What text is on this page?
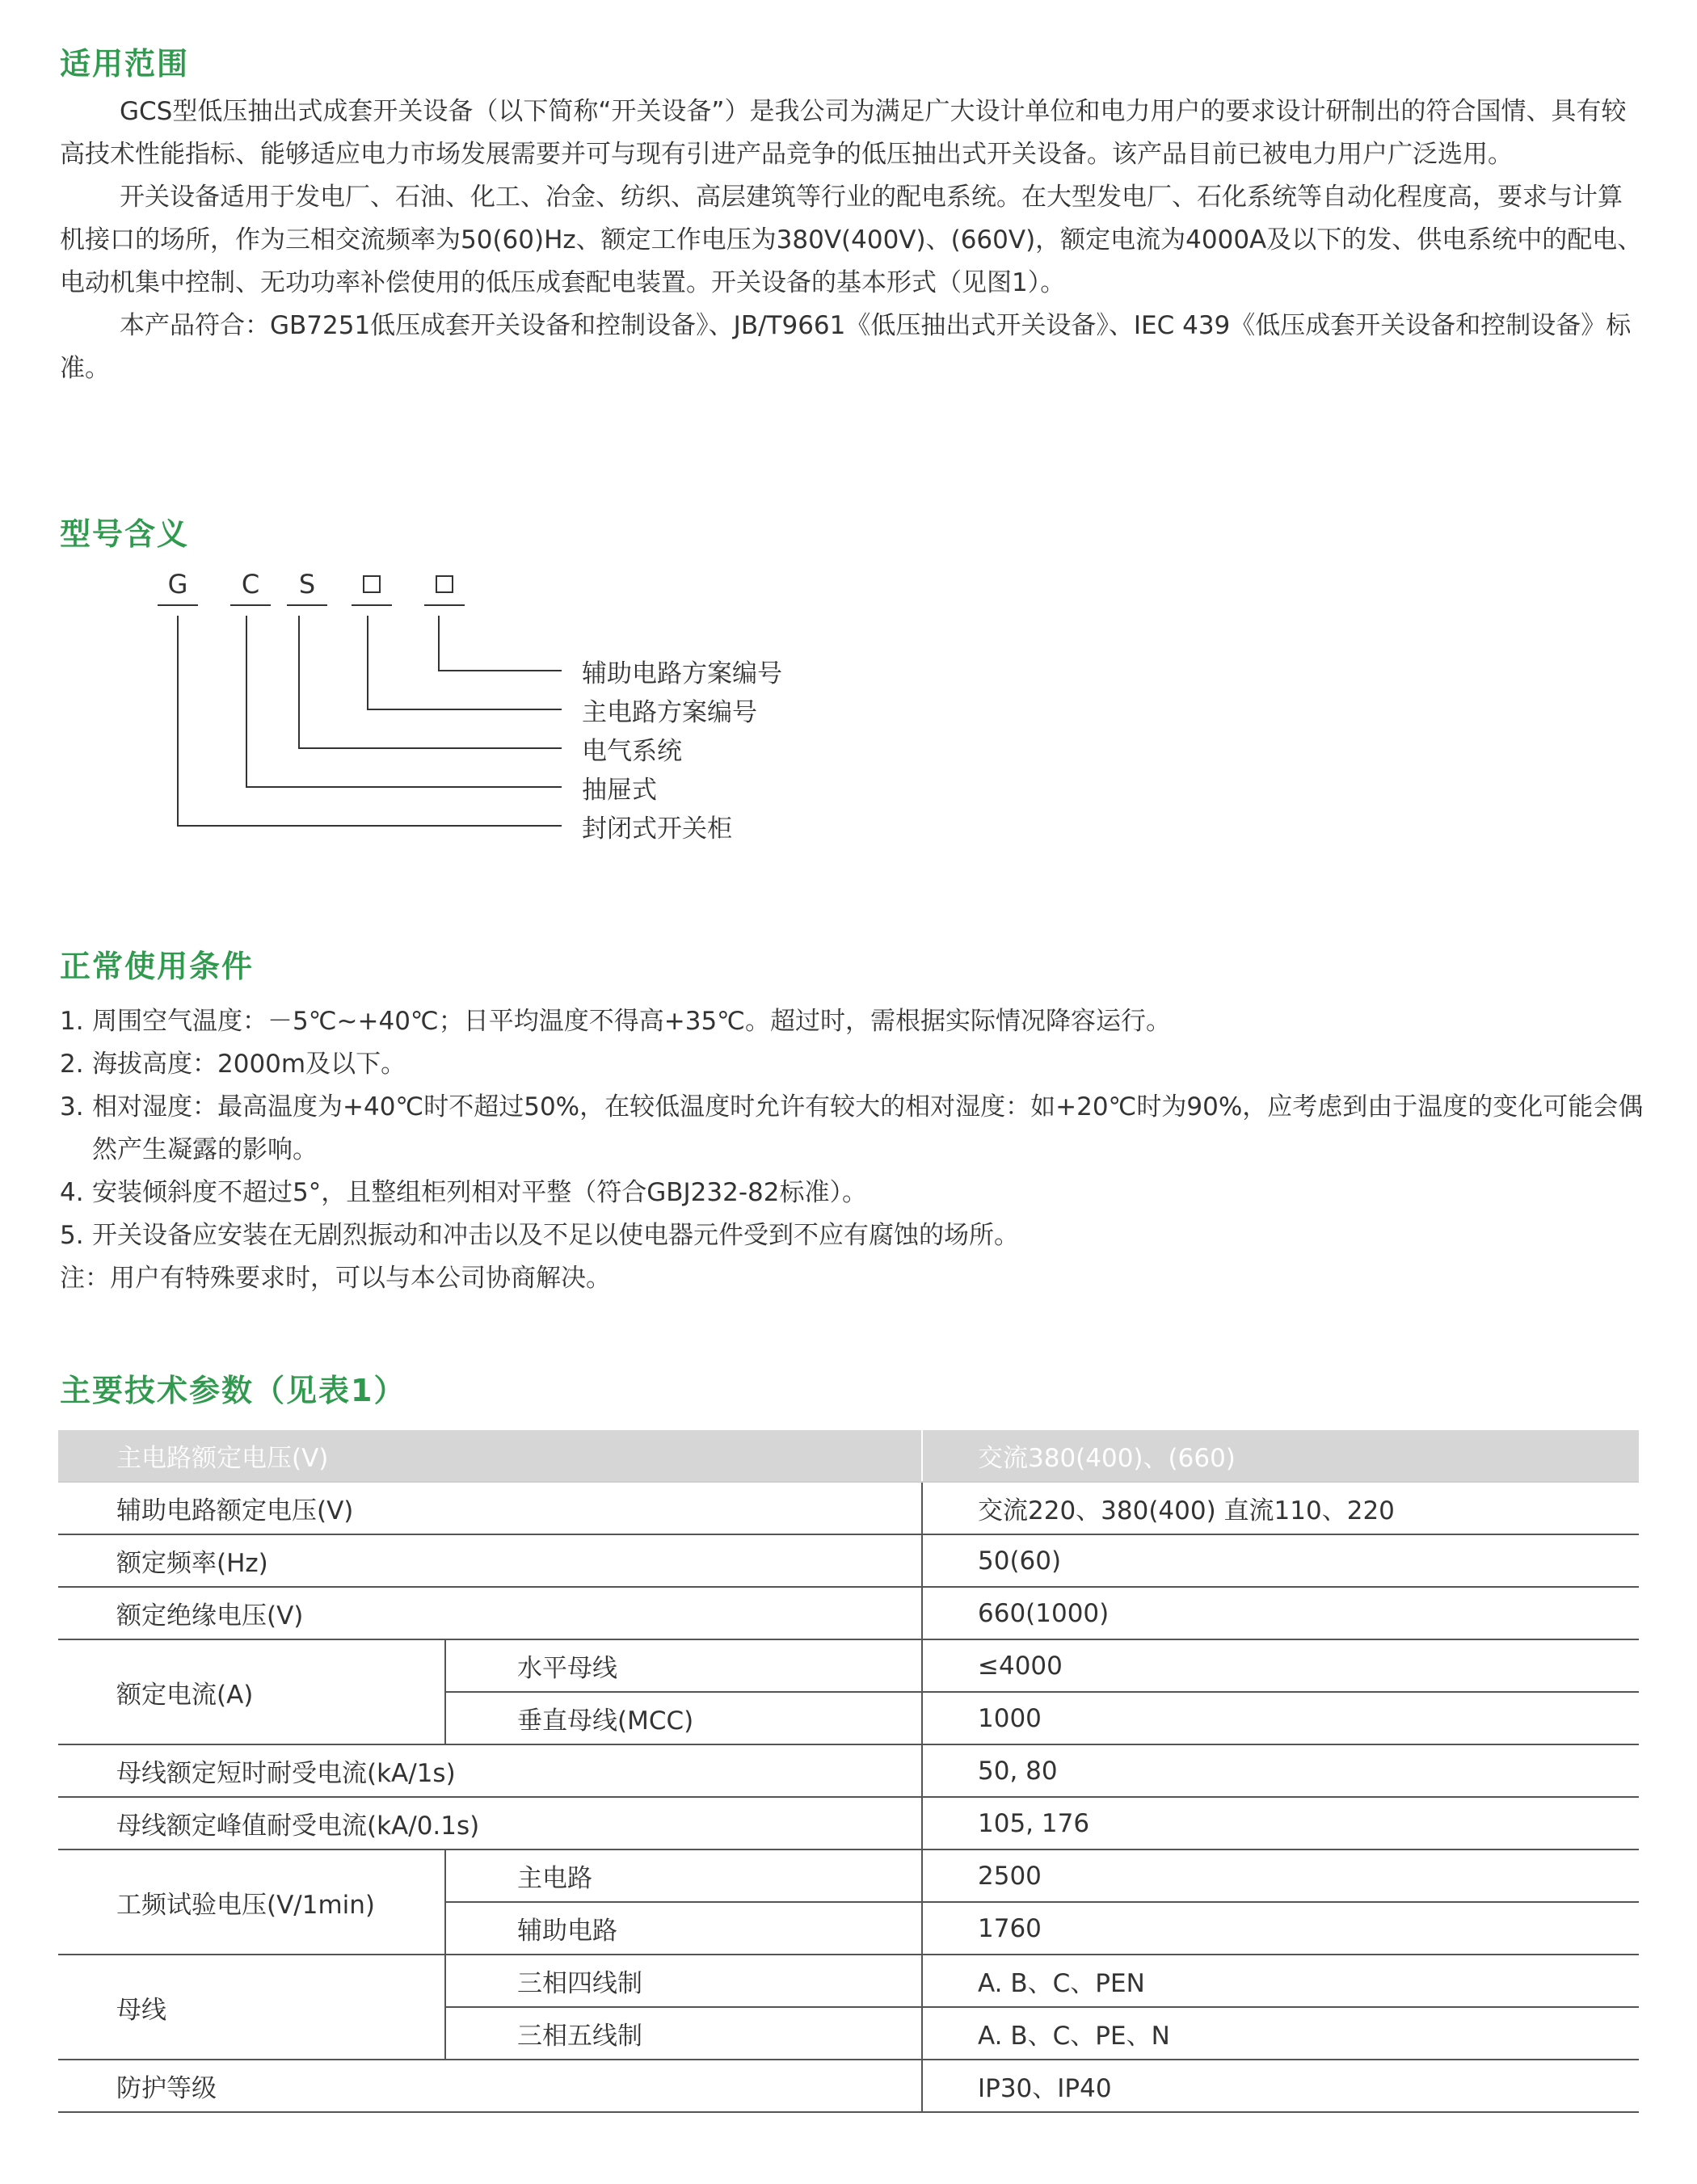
适用范围

GCS型低压抽出式成套开关设备（以下简称“开关设备”）是我公司为满足广大设计单位和电力用户的要求设计研制出的符合国情、具有较高技术性能指标、能够适应电力市场发展需要并可与现有引进产品竞争的低压抽出式开关设备。该产品目前已被电力用户广泛选用。

开关设备适用于发电厂、石油、化工、冶金、纺织、高层建筑等行业的配电系统。在大型发电厂、石化系统等自动化程度高，要求与计算机接口的场所，作为三相交流频率为50(60)Hz、额定工作电压为380V(400V)、(660V)，额定电流为4000A及以下的发、供电系统中的配电、电动机集中控制、无功功率补偿使用的低压成套配电装置。开关设备的基本形式（见图1）。

本产品符合：GB7251低压成套开关设备和控制设备》、JB/T9661《低压抽出式开关设备》、IEC 439《低压成套开关设备和控制设备》标准。

型号含义
G C	S
辅助电路方案编号
主电路方案编号
电气系统
抽屉式
封闭式开关柜
正常使用条件
1. 周围空气温度：－5℃~+40℃；日平均温度不得高+35℃。超过时，需根据实际情况降容运行。
2. 海拔高度：2000m及以下。
3. 相对湿度：最高温度为+40℃时不超过50%，在较低温度时允许有较大的相对湿度：如+20℃时为90%，应考虑到由于温度的变化可能会偶然产生凝露的影响。
4. 安装倾斜度不超过5°，且整组柜列相对平整（符合GBJ232-82标准）。
5. 开关设备应安装在无剧烈振动和冲击以及不足以使电器元件受到不应有腐蚀的场所。
注：用户有特殊要求时，可以与本公司协商解决。
主要技术参数（见表1）
主电路额定电压(V)		交流380(400)、(660)
辅助电路额定电压(V)		交流220、380(400) 直流110、220
额定频率(Hz)		50(60)
额定绝缘电压(V)		660(1000)
额定电流(A)	水平母线	≤4000
	垂直母线(MCC)	1000
母线额定短时耐受电流(kA/1s)		50, 80
母线额定峰值耐受电流(kA/0.1s)		105, 176
工频试验电压(V/1min)	主电路	2500
	辅助电路	1760
母线	三相四线制	A. B、C、PEN
	三相五线制	A. B、C、PE、N
防护等级		IP30、IP40
